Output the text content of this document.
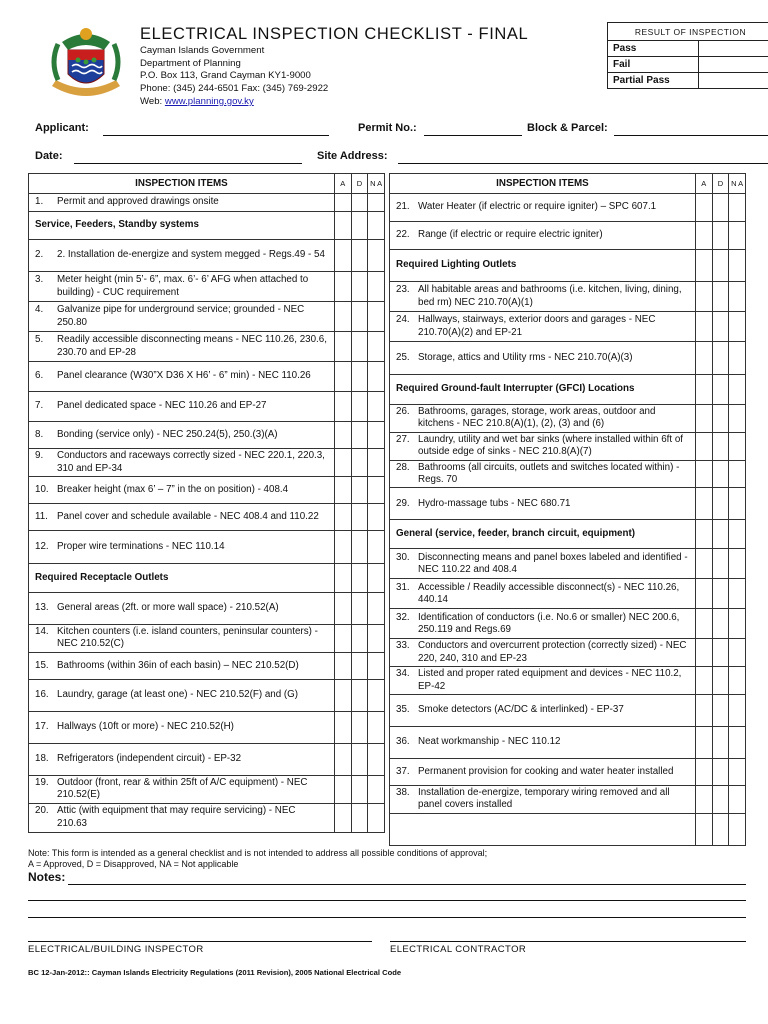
ELECTRICAL INSPECTION CHECKLIST - FINAL
Cayman Islands Government
Department of Planning
P.O. Box 113, Grand Cayman KY1-9000
Phone: (345) 244-6501 Fax: (345) 769-2922
Web: www.planning.gov.ky
RESULT OF INSPECTION	
Pass	
Fail	
Partial Pass	
Applicant:	Permit No.:	Block & Parcel:
Date:	Site Address:
INSPECTION ITEMS	A	D	N A
1. Permit and approved drawings onsite			
Service, Feeders, Standby systems			
2. 2. Installation de-energize and system megged - Regs.49 - 54			
3. Meter height (min 5’- 6”, max. 6’- 6’ AFG when attached to building) - CUC requirement			
4. Galvanize pipe for underground service; grounded - NEC 250.80			
5. Readily accessible disconnecting means - NEC 110.26, 230.6, 230.70 and EP-28			
6. Panel clearance (W30”X D36 X H6’ - 6” min) - NEC 110.26			
7. Panel dedicated space - NEC 110.26 and EP-27			
8. Bonding (service only) - NEC 250.24(5), 250.(3)(A)			
9. Conductors and raceways correctly sized - NEC 220.1, 220.3, 310 and EP-34			
10. Breaker height (max 6’ – 7” in the on position) - 408.4			
11. Panel cover and schedule available - NEC 408.4 and 110.22			
12. Proper wire terminations - NEC 110.14			
Required Receptacle Outlets			
13. General areas (2ft. or more wall space) - 210.52(A)			
14. Kitchen counters (i.e. island counters, peninsular counters) - NEC 210.52(C)			
15. Bathrooms (within 36in of each basin) – NEC 210.52(D)			
16. Laundry, garage (at least one) - NEC 210.52(F) and (G)			
17. Hallways (10ft or more) - NEC 210.52(H)			
18. Refrigerators (independent circuit) - EP-32			
19. Outdoor (front, rear & within 25ft of A/C equipment) - NEC 210.52(E)			
20. Attic (with equipment that may require servicing) - NEC 210.63			
INSPECTION ITEMS	A	D	N A
21. Water Heater (if electric or require igniter) – SPC 607.1			
22. Range (if electric or require electric igniter)			
Required Lighting Outlets			
23. All habitable areas and bathrooms (i.e. kitchen, living, dining, bed rm) NEC 210.70(A)(1)			
24. Hallways, stairways, exterior doors and garages - NEC 210.70(A)(2) and EP-21			
25. Storage, attics and Utility rms - NEC 210.70(A)(3)			
Required Ground-fault Interrupter (GFCI) Locations			
26. Bathrooms, garages, storage, work areas, outdoor and kitchens - NEC 210.8(A)(1), (2), (3) and (6)			
27. Laundry, utility and wet bar sinks (where installed within 6ft of outside edge of sinks - NEC 210.8(A)(7)			
28. Bathrooms (all circuits, outlets and switches located within) - Regs. 70			
29. Hydro-massage tubs - NEC 680.71			
General (service, feeder, branch circuit, equipment)			
30. Disconnecting means and panel boxes labeled and identified - NEC 110.22 and 408.4			
31. Accessible / Readily accessible disconnect(s) - NEC 110.26, 440.14			
32. Identification of conductors (i.e. No.6 or smaller) NEC 200.6, 250.119 and Regs.69			
33. Conductors and overcurrent protection (correctly sized) - NEC 220, 240, 310 and EP-23			
34. Listed and proper rated equipment and devices - NEC 110.2, EP-42			
35. Smoke detectors (AC/DC & interlinked) - EP-37			
36. Neat workmanship - NEC 110.12			
37. Permanent provision for cooking and water heater installed			
38. Installation de-energize, temporary wiring removed and all panel covers installed			

Note: This form is intended as a general checklist and is not intended to address all possible conditions of approval;
A = Approved, D = Disapproved, NA = Not applicable
Notes:
ELECTRICAL/BUILDING INSPECTOR	ELECTRICAL CONTRACTOR
BC 12-Jan-2012:: Cayman Islands Electricity Regulations (2011 Revision), 2005 National Electrical Code
